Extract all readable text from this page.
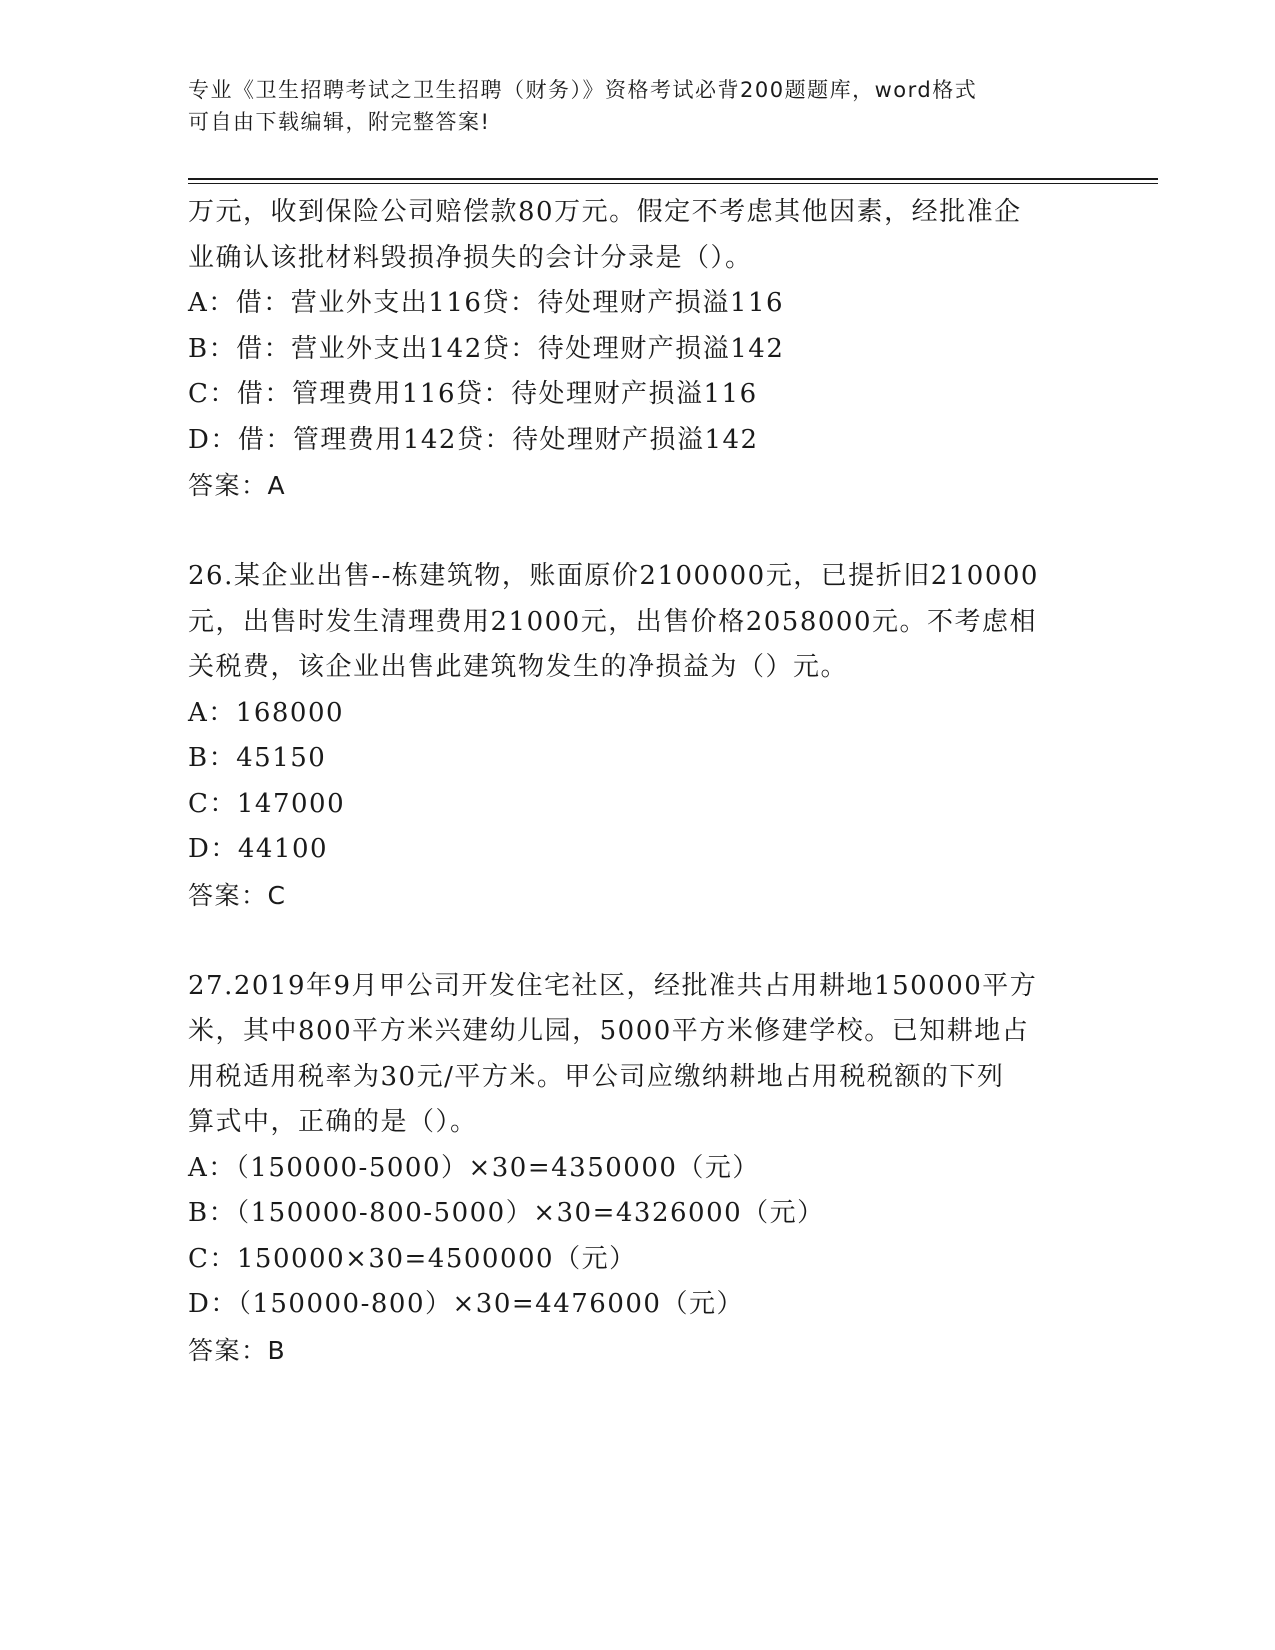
专业《卫生招聘考试之卫生招聘（财务）》资格考试必背200题题库，word格式
可自由下载编辑，附完整答案!
万元，收到保险公司赔偿款80万元。假定不考虑其他因素，经批准企
业确认该批材料毁损净损失的会计分录是（）。
A：借：营业外支出116贷：待处理财产损溢116
B：借：营业外支出142贷：待处理财产损溢142
C：借：管理费用116贷：待处理财产损溢116
D：借：管理费用142贷：待处理财产损溢142
答案：A
26.某企业出售--栋建筑物，账面原价2100000元，已提折旧210000
元，出售时发生清理费用21000元，出售价格2058000元。不考虑相
关税费，该企业出售此建筑物发生的净损益为（）元。
A：168000
B：45150
C：147000
D：44100
答案：C
27.2019年9月甲公司开发住宅社区，经批准共占用耕地150000平方
米，其中800平方米兴建幼儿园，5000平方米修建学校。已知耕地占
用税适用税率为30元/平方米。甲公司应缴纳耕地占用税税额的下列
算式中，正确的是（）。
A：（150000-5000）×30=4350000（元）
B：（150000-800-5000）×30=4326000（元）
C：150000×30=4500000（元）
D：（150000-800）×30=4476000（元）
答案：B
